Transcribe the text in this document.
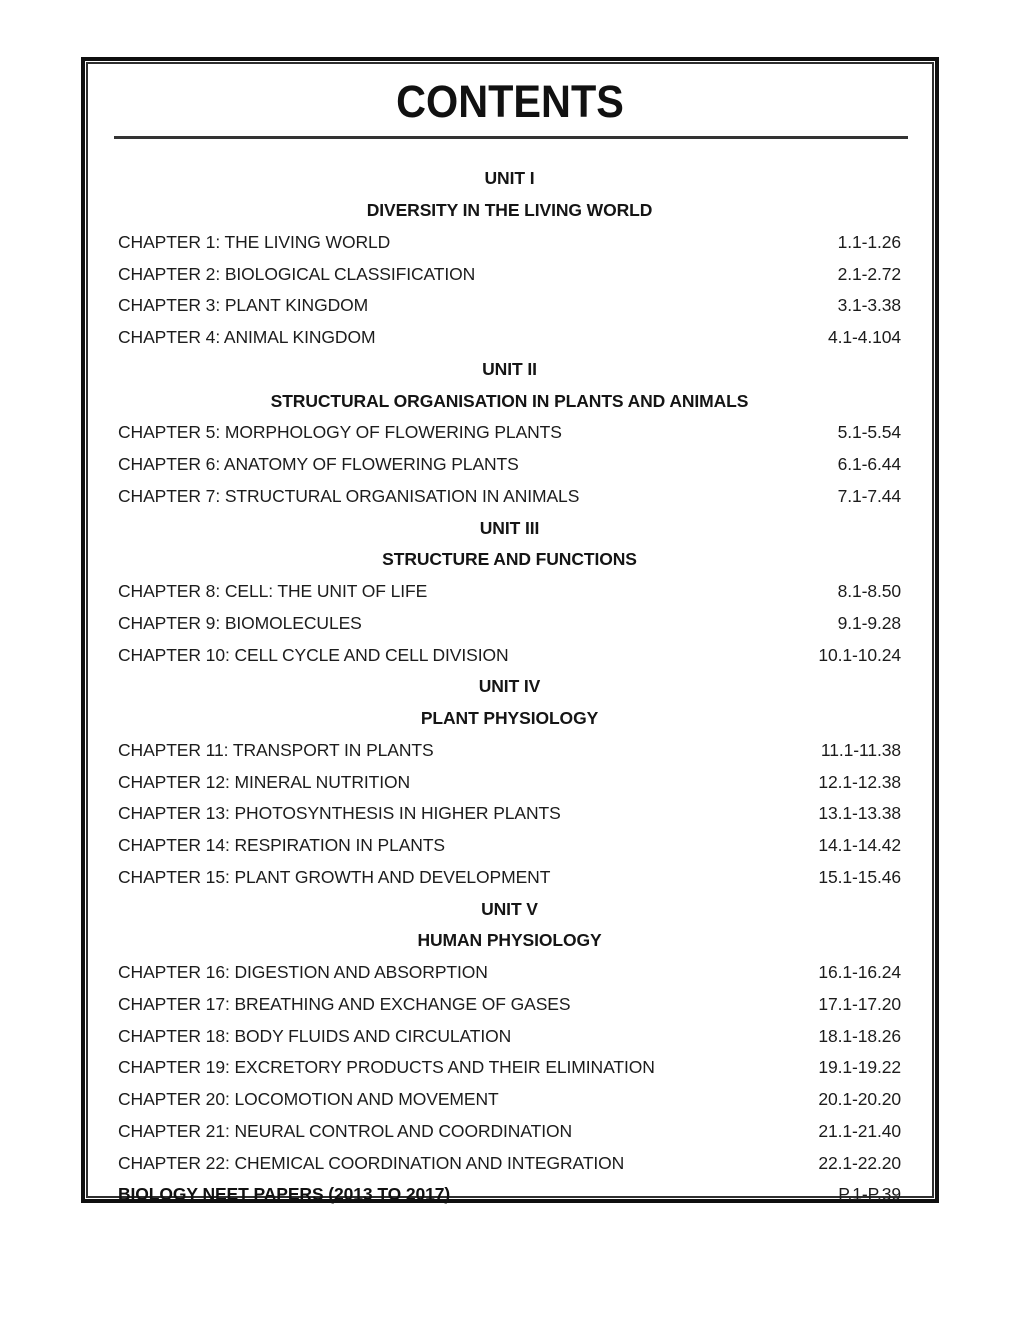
CONTENTS
UNIT I
DIVERSITY IN THE LIVING WORLD
CHAPTER 1: THE LIVING WORLD	1.1-1.26
CHAPTER 2: BIOLOGICAL CLASSIFICATION	2.1-2.72
CHAPTER 3: PLANT KINGDOM	3.1-3.38
CHAPTER 4: ANIMAL KINGDOM	4.1-4.104
UNIT II
STRUCTURAL ORGANISATION IN PLANTS AND ANIMALS
CHAPTER 5: MORPHOLOGY OF FLOWERING PLANTS	5.1-5.54
CHAPTER 6: ANATOMY OF FLOWERING PLANTS	6.1-6.44
CHAPTER 7: STRUCTURAL ORGANISATION IN ANIMALS	7.1-7.44
UNIT III
STRUCTURE AND FUNCTIONS
CHAPTER 8: CELL: THE UNIT OF LIFE	8.1-8.50
CHAPTER 9: BIOMOLECULES	9.1-9.28
CHAPTER 10: CELL CYCLE AND CELL DIVISION	10.1-10.24
UNIT IV
PLANT PHYSIOLOGY
CHAPTER 11: TRANSPORT IN PLANTS	11.1-11.38
CHAPTER 12: MINERAL NUTRITION	12.1-12.38
CHAPTER 13: PHOTOSYNTHESIS IN HIGHER PLANTS	13.1-13.38
CHAPTER 14: RESPIRATION IN PLANTS	14.1-14.42
CHAPTER 15: PLANT GROWTH AND DEVELOPMENT	15.1-15.46
UNIT V
HUMAN PHYSIOLOGY
CHAPTER 16: DIGESTION AND ABSORPTION	16.1-16.24
CHAPTER 17: BREATHING AND EXCHANGE OF GASES	17.1-17.20
CHAPTER 18: BODY FLUIDS AND CIRCULATION	18.1-18.26
CHAPTER 19: EXCRETORY PRODUCTS AND THEIR ELIMINATION	19.1-19.22
CHAPTER 20: LOCOMOTION AND MOVEMENT	20.1-20.20
CHAPTER 21: NEURAL CONTROL AND COORDINATION	21.1-21.40
CHAPTER 22: CHEMICAL COORDINATION AND INTEGRATION	22.1-22.20
BIOLOGY NEET PAPERS (2013 TO 2017)	P.1-P.39
